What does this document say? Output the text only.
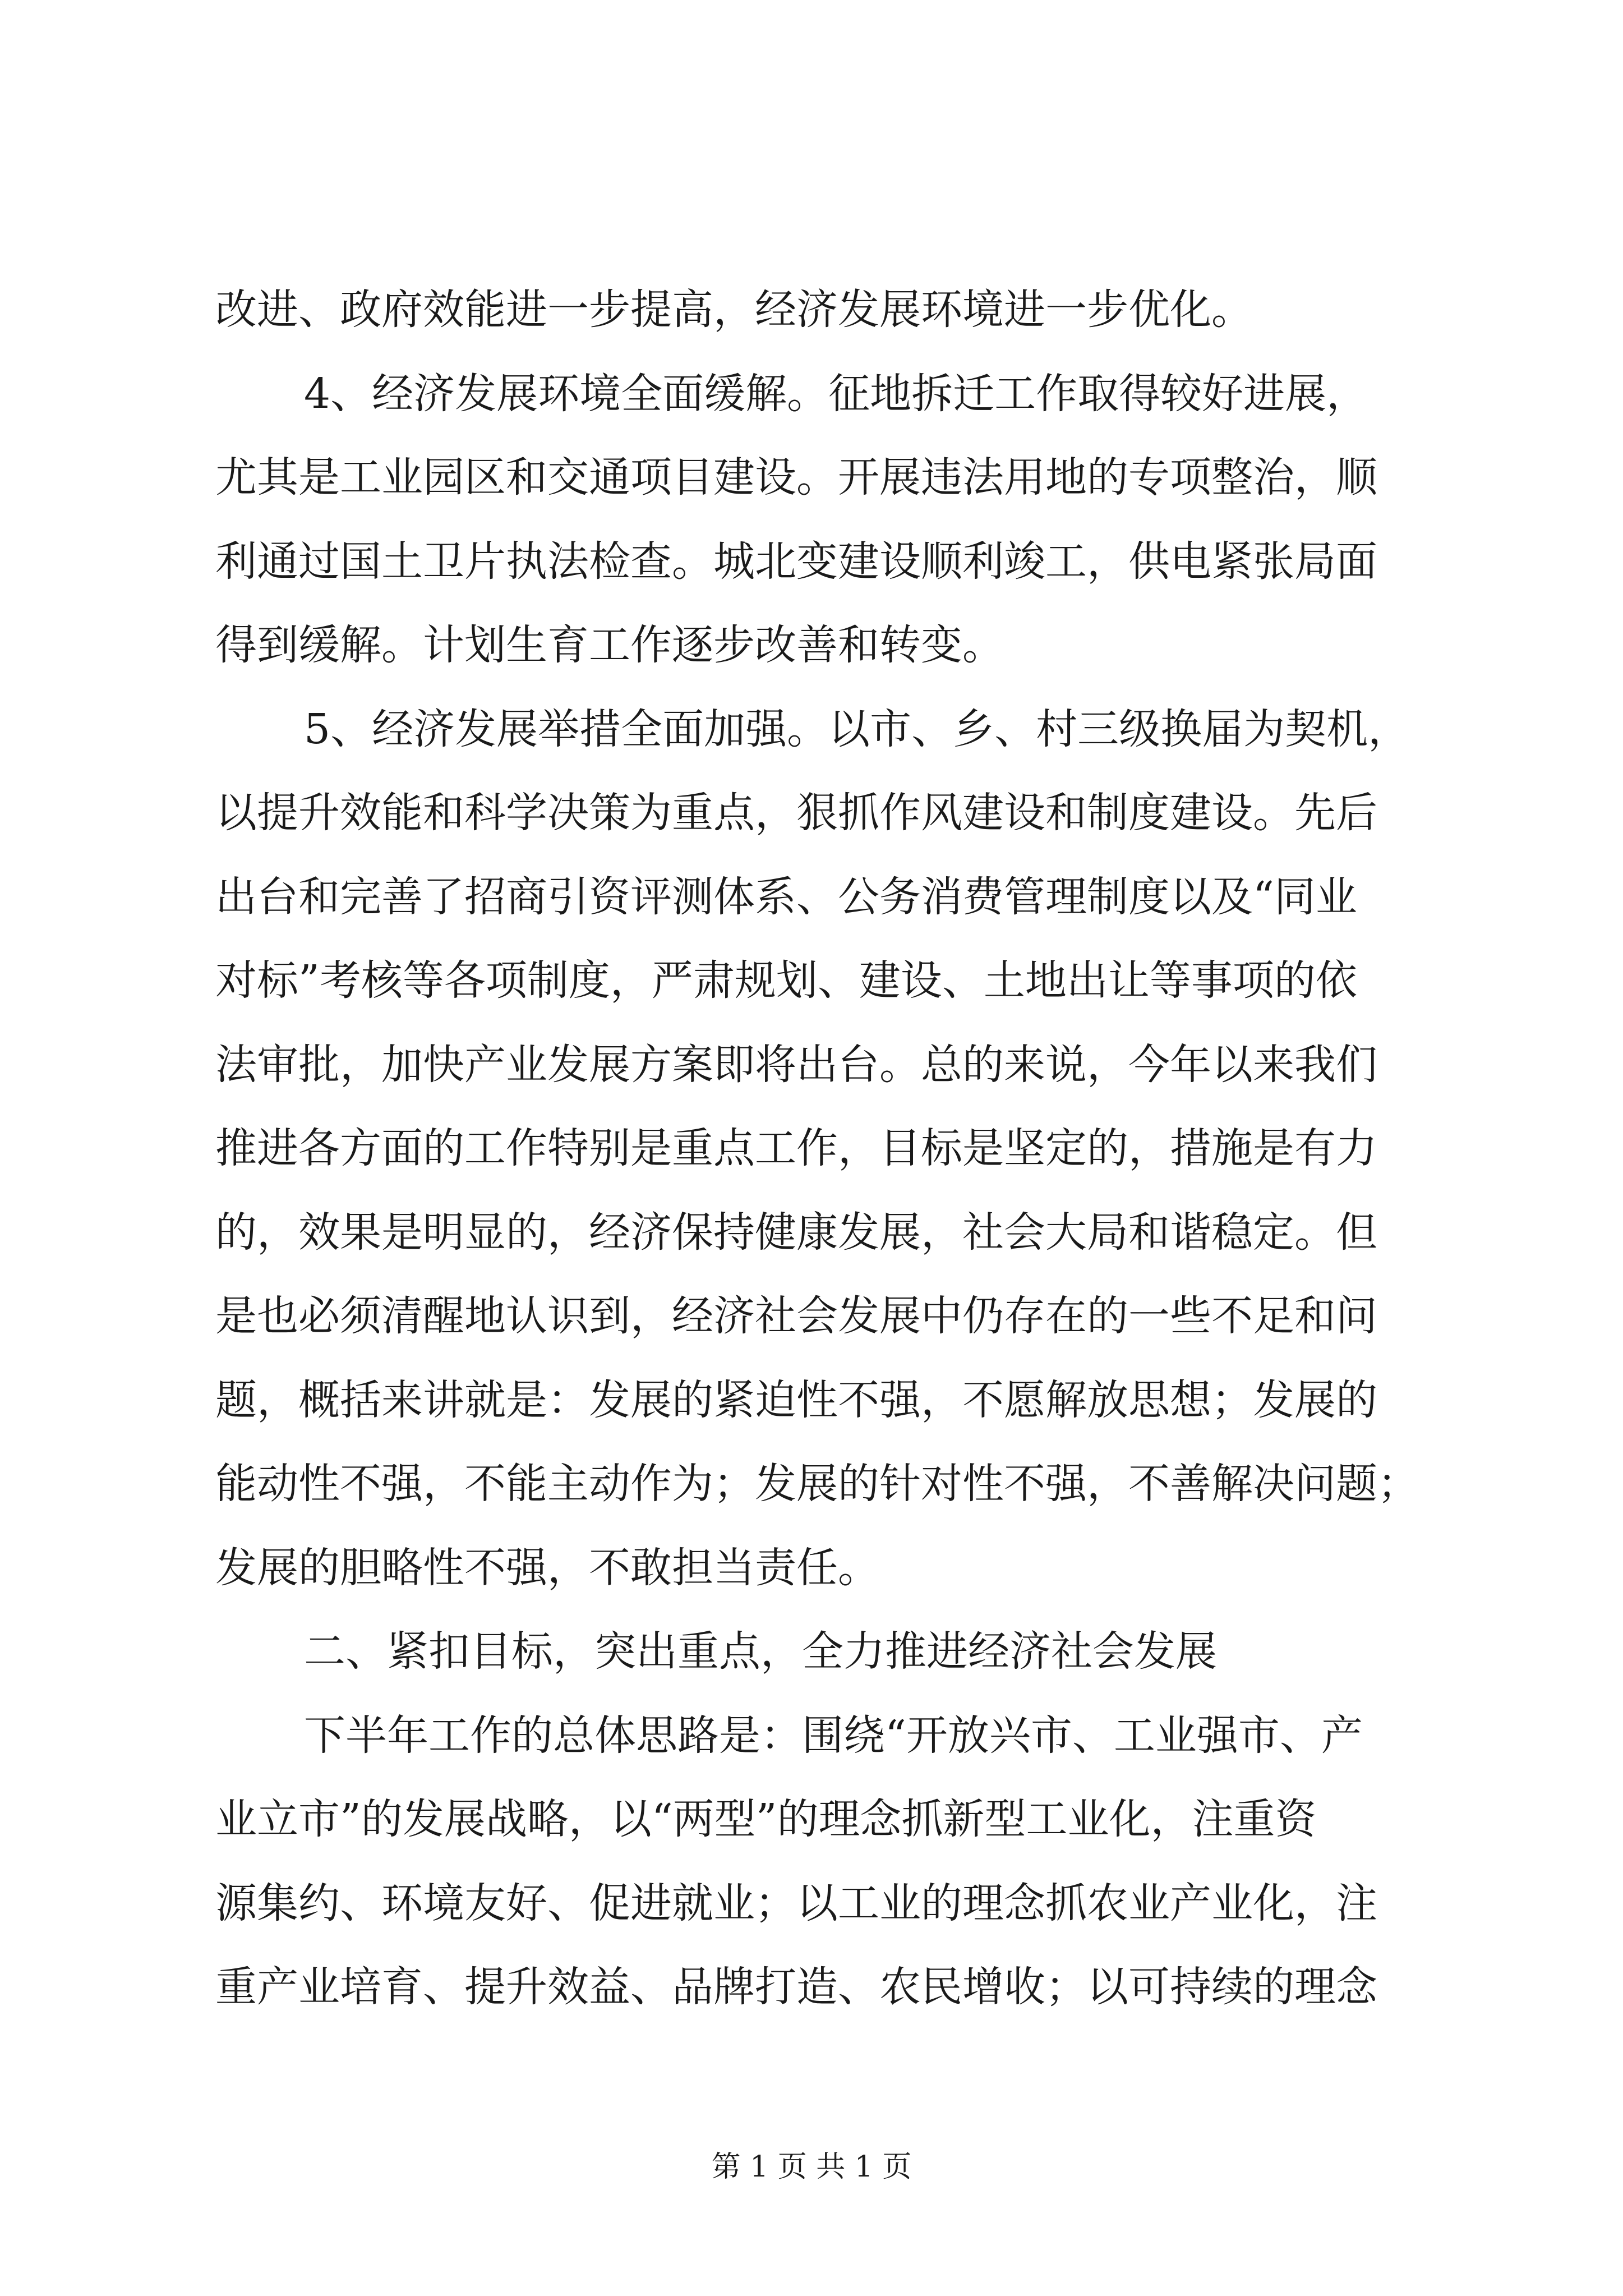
改进、政府效能进一步提高，经济发展环境进一步优化。
4、经济发展环境全面缓解。征地拆迁工作取得较好进展，
尤其是工业园区和交通项目建设。开展违法用地的专项整治，顺
利通过国土卫片执法检查。城北变建设顺利竣工，供电紧张局面
得到缓解。计划生育工作逐步改善和转变。
5、经济发展举措全面加强。以市、乡、村三级换届为契机，
以提升效能和科学决策为重点，狠抓作风建设和制度建设。先后
出台和完善了招商引资评测体系、公务消费管理制度以及“同业
对标”考核等各项制度，严肃规划、建设、土地出让等事项的依
法审批，加快产业发展方案即将出台。总的来说，今年以来我们
推进各方面的工作特别是重点工作，目标是坚定的，措施是有力
的，效果是明显的，经济保持健康发展，社会大局和谐稳定。但
是也必须清醒地认识到，经济社会发展中仍存在的一些不足和问
题，概括来讲就是：发展的紧迫性不强，不愿解放思想；发展的
能动性不强，不能主动作为；发展的针对性不强，不善解决问题；
发展的胆略性不强，不敢担当责任。
二、紧扣目标，突出重点，全力推进经济社会发展
下半年工作的总体思路是：围绕“开放兴市、工业强市、产
业立市”的发展战略，以“两型”的理念抓新型工业化，注重资
源集约、环境友好、促进就业；以工业的理念抓农业产业化，注
重产业培育、提升效益、品牌打造、农民增收；以可持续的理念
第 1 页 共 1 页
